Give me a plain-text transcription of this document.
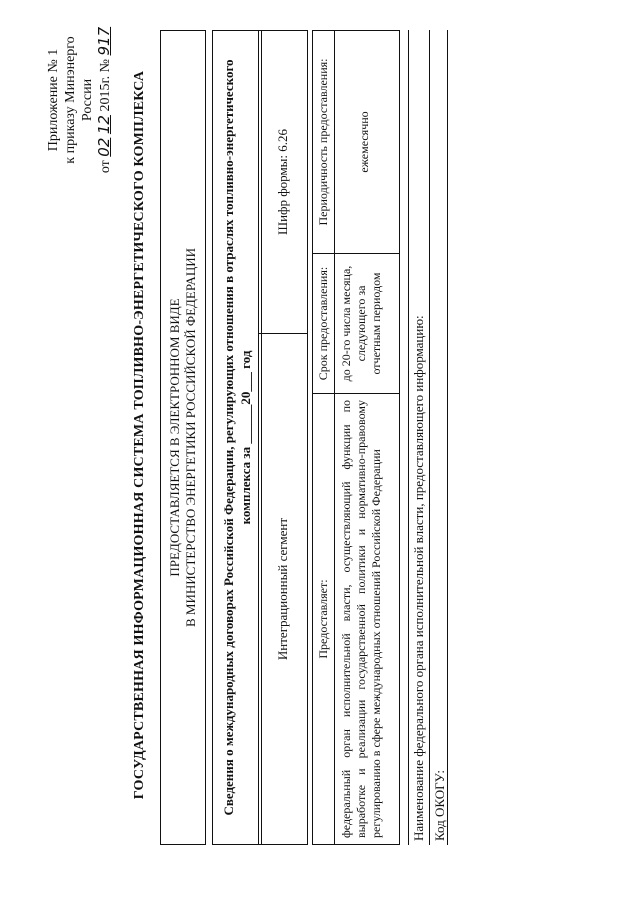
Приложение № 1 к приказу Минэнерго России
от 02 12 2015г. № 917
ГОСУДАРСТВЕННАЯ ИНФОРМАЦИОННАЯ СИСТЕМА ТОПЛИВНО-ЭНЕРГЕТИЧЕСКОГО КОМПЛЕКСА ПРЕДОСТАВЛЯЕТСЯ В ЭЛЕКТРОННОМ ВИДЕ В МИНИСТЕРСТВО ЭНЕРГЕТИКИ РОССИЙСКОЙ ФЕДЕРАЦИИ Сведения о международных договорах Российской Федерации, регулирующих отношения в отраслях топливно-энергетического комплекса за ______20___ год
Интеграционный сегмент
Шифр формы: 6.26
Предоставляет: федеральный орган исполнительной власти, осуществляющий функции по выработке и реализации государственной политики и нормативно-правовому регулированию в сфере международных отношений Российской Федерации
Срок предоставления: до 20-го числа месяца, следующего за отчетным периодом
Периодичность предоставления:	ежемесячно
Наименование федерального органа исполнительной власти, предоставляющего информацию: Код ОКОГУ:
